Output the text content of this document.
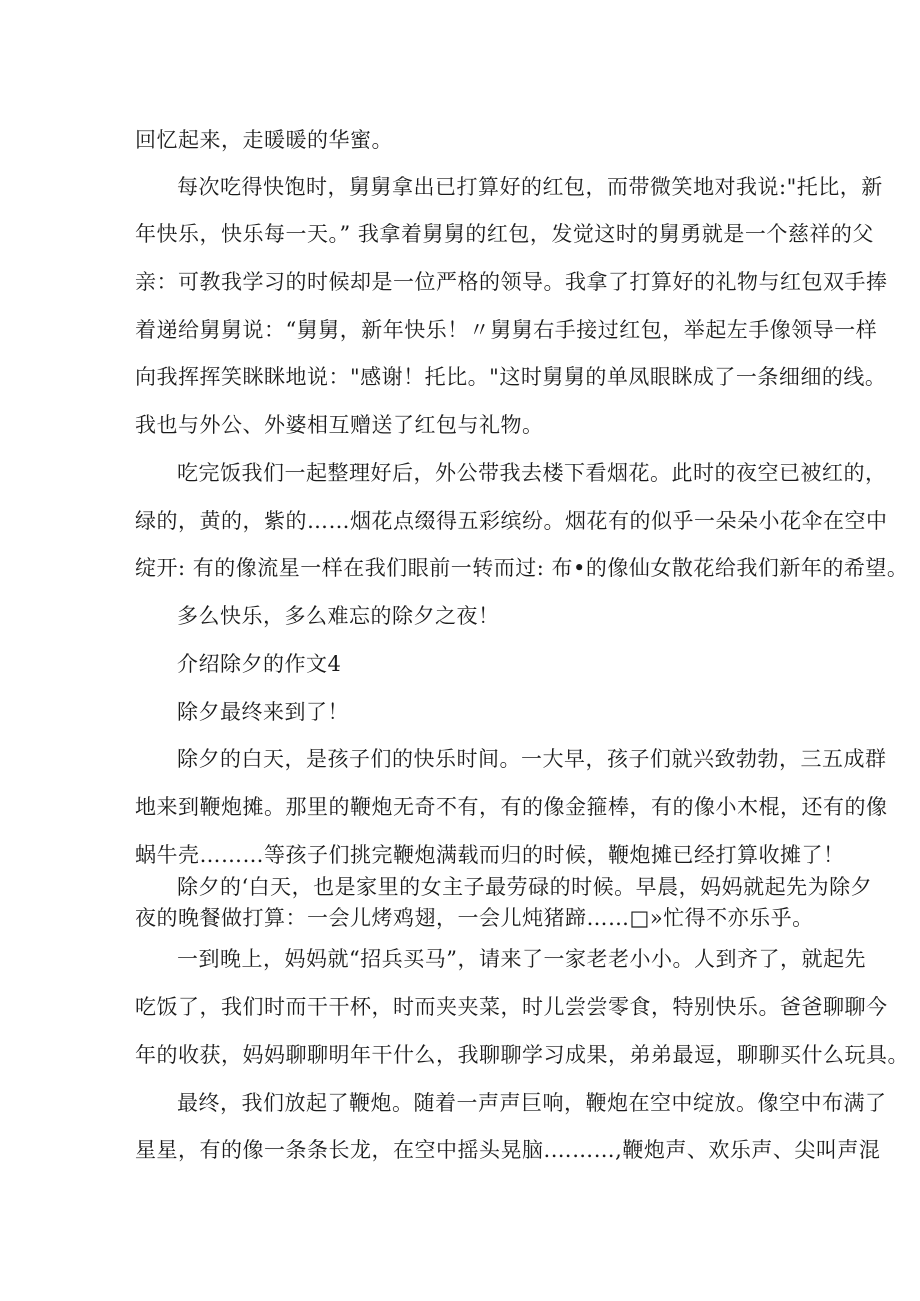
回忆起来，走暖暖的华蜜。
每次吃得快饱时，舅舅拿出已打算好的红包，而带微笑地对我说:"托比，新
年快乐，快乐每一天。” 我拿着舅舅的红包，发觉这时的舅勇就是一个慈祥的父
亲：可教我学习的时候却是一位严格的领导。我拿了打算好的礼物与红包双手捧
着递给舅舅说：“舅舅，新年快乐！〃舅舅右手接过红包，举起左手像领导一样
向我挥挥笑眯眯地说："感谢！托比。"这时舅舅的单凤眼眯成了一条细细的线。
我也与外公、外婆相互赠送了红包与礼物。
吃完饭我们一起整理好后，外公带我去楼下看烟花。此时的夜空已被红的，
绿的，黄的，紫的……烟花点缀得五彩缤纷。烟花有的似乎一朵朵小花伞在空中
绽开: 有的像流星一样在我们眼前一转而过: 布•的像仙女散花给我们新年的希望。
多么快乐，多么难忘的除夕之夜！
介绍除夕的作文4
除夕最终来到了！
除夕的白天，是孩子们的快乐时间。一大早，孩子们就兴致勃勃，三五成群
地来到鞭炮摊。那里的鞭炮无奇不有，有的像金箍棒，有的像小木棍，还有的像
蜗牛壳………等孩子们挑完鞭炮满载而归的时候，鞭炮摊已经打算收摊了！
除夕的‘白天，也是家里的女主子最劳碌的时候。早晨，妈妈就起先为除夕
夜的晚餐做打算：一会儿烤鸡翅，一会儿炖猪蹄……□»忙得不亦乐乎。
一到晚上，妈妈就“招兵买马”，请来了一家老老小小。人到齐了，就起先
吃饭了，我们时而干干杯，时而夹夹菜，时儿尝尝零食，特别快乐。爸爸聊聊今
年的收获，妈妈聊聊明年干什么，我聊聊学习成果，弟弟最逗，聊聊买什么玩具。
最终，我们放起了鞭炮。随着一声声巨响，鞭炮在空中绽放。像空中布满了
星星，有的像一条条长龙，在空中摇头晃脑.………,鞭炮声、欢乐声、尖叫声混
